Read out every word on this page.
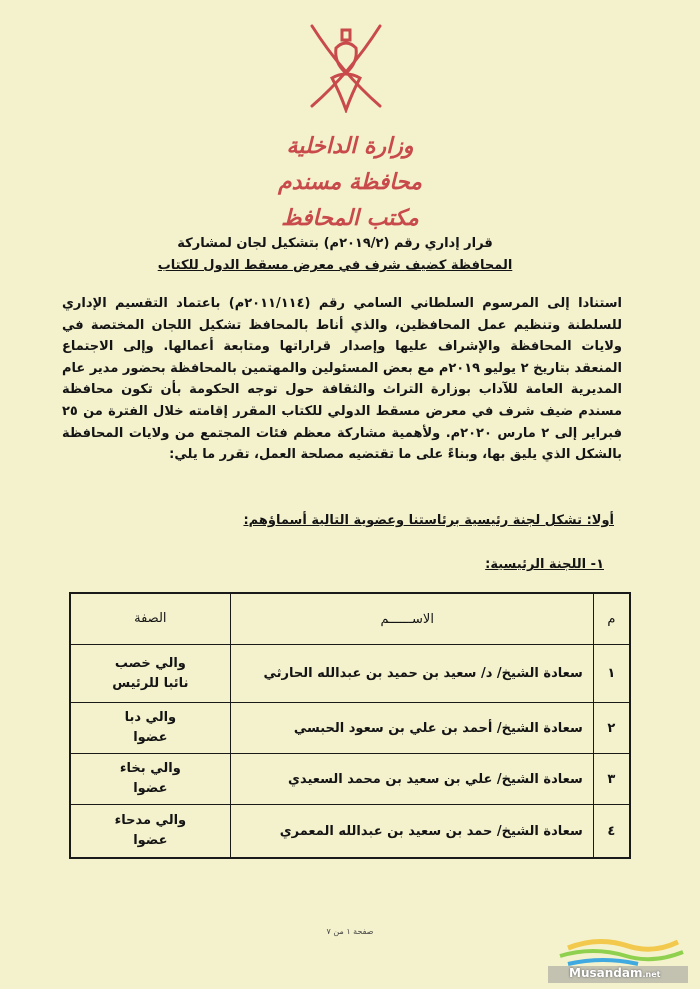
وزارة الداخلية
محافظة مسندم
مكتب المحافظ
قرار إداري رقم (٢٠١٩/٢م) بتشكيل لجان لمشاركة
المحافظة كضيف شرف في معرض مسقط الدول للكتاب
استنادا إلى المرسوم السلطاني السامي رقم (٢٠١١/١١٤م) باعتماد التقسيم الإداري للسلطنة وتنظيم عمل المحافظين، والذي أناط بالمحافظ تشكيل اللجان المختصة في ولايات المحافظة والإشراف عليها وإصدار قراراتها ومتابعة أعمالها. وإلى الاجتماع المنعقد بتاريخ ٢ يوليو ٢٠١٩م مع بعض المسئولين والمهتمين بالمحافظة بحضور مدير عام المديرية العامة للآداب بوزارة التراث والثقافة حول توجه الحكومة بأن تكون محافظة مسندم ضيف شرف في معرض مسقط الدولي للكتاب المقرر إقامته خلال الفترة من ٢٥ فبراير إلى ٢ مارس ٢٠٢٠م. ولأهمية مشاركة معظم فئات المجتمع من ولايات المحافظة بالشكل الذي يليق بها، وبناءً على ما تقتضيه مصلحة العمل، تقرر ما يلي:
أولا: تشكل لجنة رئيسية برئاستنا وعضوية التالية أسماؤهم:
١- اللجنة الرئيسية:
م	الاســــــم	الصفة
١	سعادة الشيخ/ د/ سعيد بن حميد بن عبدالله الحارثي	والي خصب
نائبا للرئيس

٢	سعادة الشيخ/ أحمد بن علي بن سعود الحبسي	والي دبا
عضوا

٣	سعادة الشيخ/ علي بن سعيد بن محمد السعيدي	والي بخاء
عضوا

٤	سعادة الشيخ/ حمد بن سعيد بن عبدالله المعمري	والي مدحاء
عضوا
صفحة ١ من ٧
Musandam.net
